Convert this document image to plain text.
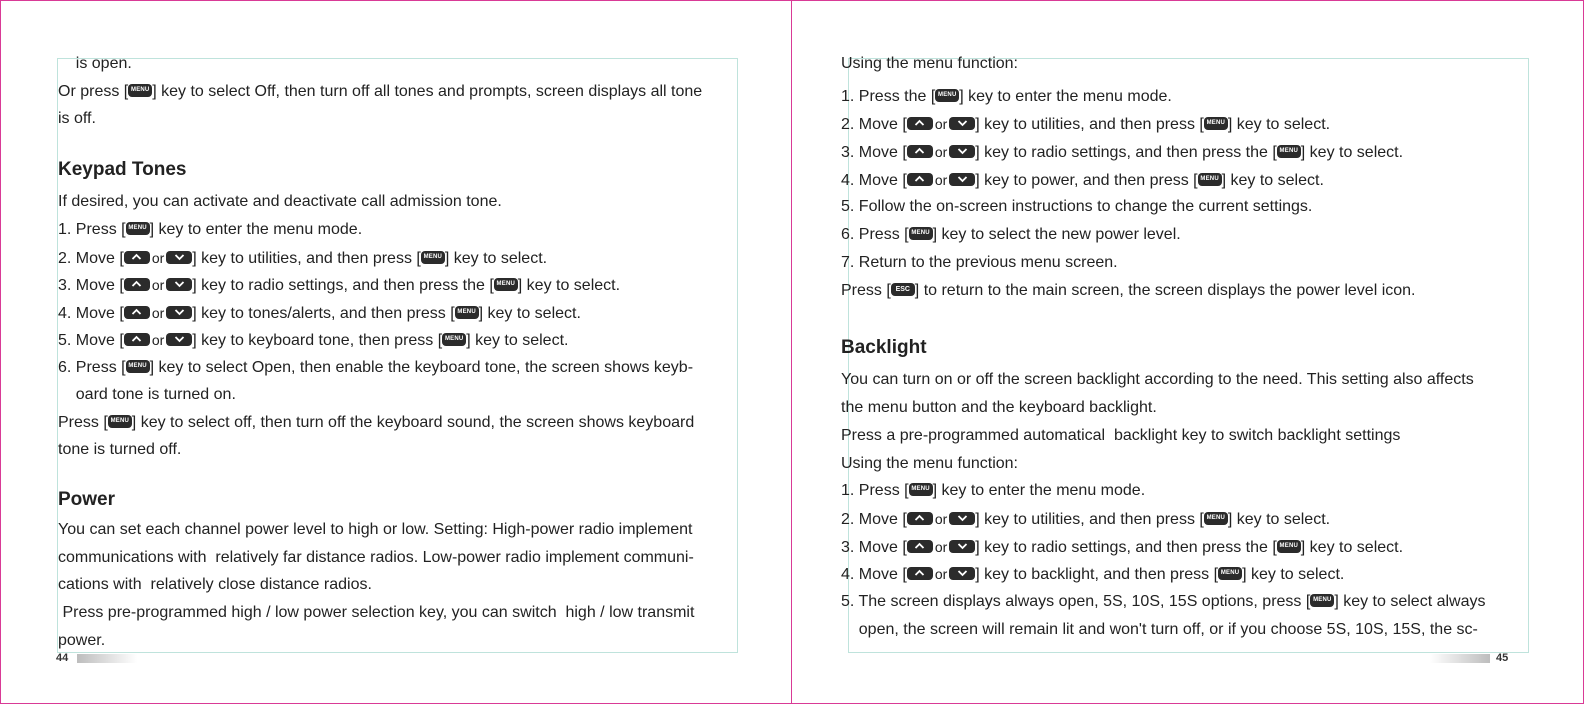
is open.
Or press [ MENU ] key to select Off, then turn off all tones and prompts, screen displays all tone
is off.
Keypad Tones
If desired, you can activate and deactivate call admission tone.
1. Press [ MENU ] key to enter the menu mode.
2. Move [ or ] key to utilities, and then press [ MENU ] key to select.
3. Move [ or ] key to radio settings, and then press the [ MENU ] key to select.
4. Move [ or ] key to tones/alerts, and then press [ MENU ] key to select.
5. Move [ or ] key to keyboard tone, then press [ MENU ] key to select.
6. Press [ MENU ] key to select Open, then enable the keyboard tone, the screen shows keyb-
oard tone is turned on.
Press [ MENU ] key to select off, then turn off the keyboard sound, the screen shows keyboard
tone is turned off.
Power
You can set each channel power level to high or low. Setting: High-power radio implement
communications with  relatively far distance radios. Low-power radio implement communi-
cations with  relatively close distance radios.
Press pre-programmed high / low power selection key, you can switch  high / low transmit
power.
44
Using the menu function:
1. Press the [ MENU ] key to enter the menu mode.
2. Move [ or ] key to utilities, and then press [ MENU ] key to select.
3. Move [ or ] key to radio settings, and then press the [ MENU ] key to select.
4. Move [ or ] key to power, and then press [ MENU ] key to select.
5. Follow the on-screen instructions to change the current settings.
6. Press [ MENU ] key to select the new power level.
7. Return to the previous menu screen.
Press [ ESC ] to return to the main screen, the screen displays the power level icon.
Backlight
You can turn on or off the screen backlight according to the need. This setting also affects
the menu button and the keyboard backlight.
Press a pre-programmed automatical  backlight key to switch backlight settings
Using the menu function:
1. Press [ MENU ] key to enter the menu mode.
2. Move [ or ] key to utilities, and then press [ MENU ] key to select.
3. Move [ or ] key to radio settings, and then press the [ MENU ] key to select.
4. Move [ or ] key to backlight, and then press [ MENU ] key to select.
5. The screen displays always open, 5S, 10S, 15S options, press [ MENU ] key to select always
open, the screen will remain lit and won't turn off, or if you choose 5S, 10S, 15S, the sc-
45
